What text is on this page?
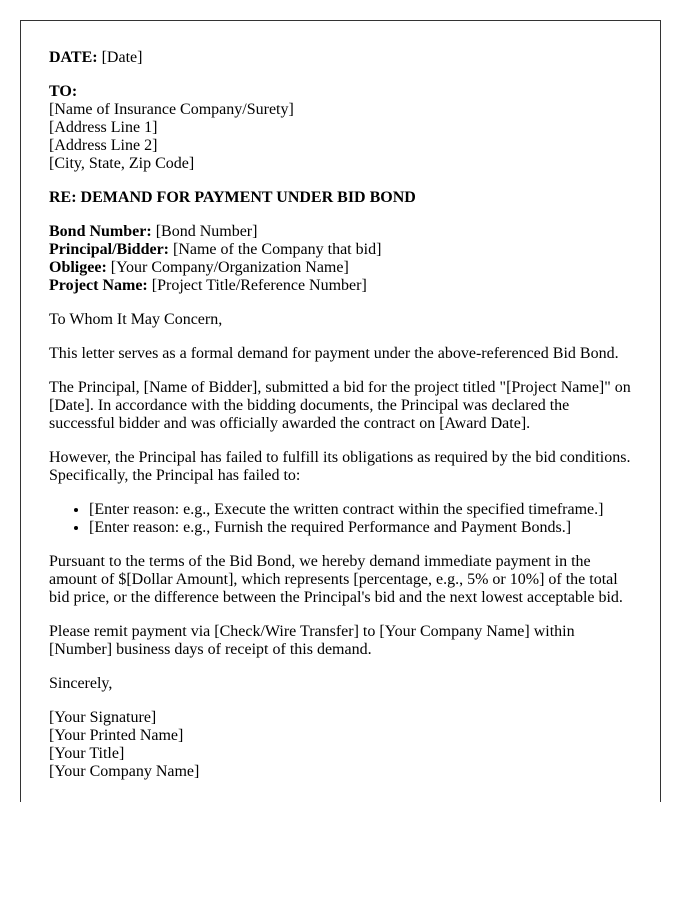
DATE: [Date]

TO:
[Name of Insurance Company/Surety]
[Address Line 1]
[Address Line 2]
[City, State, Zip Code]

RE: DEMAND FOR PAYMENT UNDER BID BOND

Bond Number: [Bond Number]
Principal/Bidder: [Name of the Company that bid]
Obligee: [Your Company/Organization Name]
Project Name: [Project Title/Reference Number]

To Whom It May Concern,

This letter serves as a formal demand for payment under the above-referenced Bid Bond.

The Principal, [Name of Bidder], submitted a bid for the project titled "[Project Name]" on [Date]. In accordance with the bidding documents, the Principal was declared the successful bidder and was officially awarded the contract on [Award Date].

However, the Principal has failed to fulfill its obligations as required by the bid conditions. Specifically, the Principal has failed to:

• [Enter reason: e.g., Execute the written contract within the specified timeframe.]
• [Enter reason: e.g., Furnish the required Performance and Payment Bonds.]

Pursuant to the terms of the Bid Bond, we hereby demand immediate payment in the amount of $[Dollar Amount], which represents [percentage, e.g., 5% or 10%] of the total bid price, or the difference between the Principal's bid and the next lowest acceptable bid.

Please remit payment via [Check/Wire Transfer] to [Your Company Name] within [Number] business days of receipt of this demand.

Sincerely,

[Your Signature]
[Your Printed Name]
[Your Title]
[Your Company Name]
